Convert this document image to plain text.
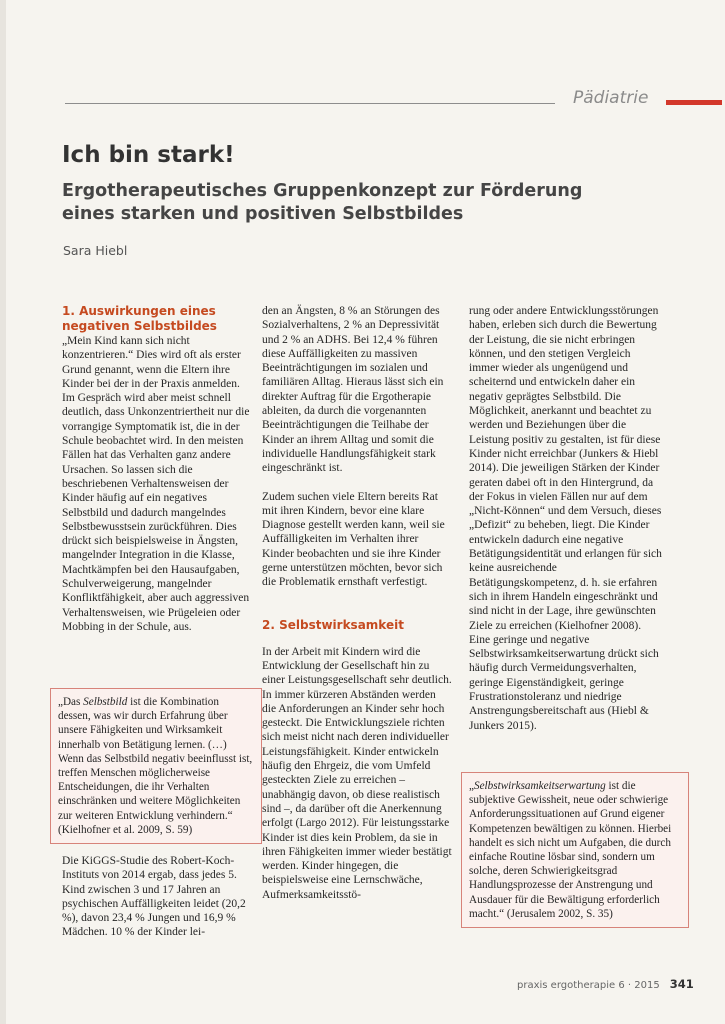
Pädiatrie
Ich bin stark!
Ergotherapeutisches Gruppenkonzept zur Förderung eines starken und positiven Selbstbildes
Sara Hiebl

1. Auswirkungen eines negativen Selbstbildes

„Mein Kind kann sich nicht konzentrieren.“ Dies wird oft als erster Grund genannt, wenn die Eltern ihre Kinder bei der in der Praxis anmelden. Im Gespräch wird aber meist schnell deutlich, dass Unkonzentriertheit nur die vorrangige Symptomatik ist, die in der Schule beobachtet wird. In den meisten Fällen hat das Verhalten ganz andere Ursachen. So lassen sich die beschriebenen Verhaltensweisen der Kinder häufig auf ein negatives Selbstbild und dadurch mangelndes Selbstbewusstsein zurückführen. Dies drückt sich beispielsweise in Ängsten, mangelnder Integration in die Klasse, Machtkämpfen bei den Hausaufgaben, Schulverweigerung, mangelnder Konfliktfähigkeit, aber auch aggressiven Verhaltensweisen, wie Prügeleien oder Mobbing in der Schule, aus.

„Das Selbstbild ist die Kombination dessen, was wir durch Erfahrung über unsere Fähigkeiten und Wirksamkeit innerhalb von Betätigung lernen. (…) Wenn das Selbstbild negativ beeinflusst ist, treffen Menschen möglicherweise Entscheidungen, die ihr Verhalten einschränken und weitere Möglichkeiten zur weiteren Entwicklung verhindern.“ (Kielhofner et al. 2009, S. 59)

Die KiGGS-Studie des Robert-Koch-Instituts von 2014 ergab, dass jedes 5. Kind zwischen 3 und 17 Jahren an psychischen Auffälligkeiten leidet (20,2 %), davon 23,4 % Jungen und 16,9 % Mädchen. 10 % der Kinder lei-

den an Ängsten, 8 % an Störungen des Sozialverhaltens, 2 % an Depressivität und 2 % an ADHS. Bei 12,4 % führen diese Auffälligkeiten zu massiven Beeinträchtigungen im sozialen und familiären Alltag. Hieraus lässt sich ein direkter Auftrag für die Ergotherapie ableiten, da durch die vorgenannten Beeinträchtigungen die Teilhabe der Kinder an ihrem Alltag und somit die individuelle Handlungsfähigkeit stark eingeschränkt ist.

Zudem suchen viele Eltern bereits Rat mit ihren Kindern, bevor eine klare Diagnose gestellt werden kann, weil sie Auffälligkeiten im Verhalten ihrer Kinder beobachten und sie ihre Kinder gerne unterstützen möchten, bevor sich die Problematik ernsthaft verfestigt.

2. Selbstwirksamkeit

In der Arbeit mit Kindern wird die Entwicklung der Gesellschaft hin zu einer Leistungsgesellschaft sehr deutlich. In immer kürzeren Abständen werden die Anforderungen an Kinder sehr hoch gesteckt. Die Entwicklungsziele richten sich meist nicht nach deren individueller Leistungsfähigkeit. Kinder entwickeln häufig den Ehrgeiz, die vom Umfeld gesteckten Ziele zu erreichen – unabhängig davon, ob diese realistisch sind –, da darüber oft die Anerkennung erfolgt (Largo 2012). Für leistungsstarke Kinder ist dies kein Problem, da sie in ihren Fähigkeiten immer wieder bestätigt werden. Kinder hingegen, die beispielsweise eine Lernschwäche, Aufmerksamkeitsstö-

rung oder andere Entwicklungsstörungen haben, erleben sich durch die Bewertung der Leistung, die sie nicht erbringen können, und den stetigen Vergleich immer wieder als ungenügend und scheiternd und entwickeln daher ein negativ geprägtes Selbstbild. Die Möglichkeit, anerkannt und beachtet zu werden und Beziehungen über die Leistung positiv zu gestalten, ist für diese Kinder nicht erreichbar (Junkers & Hiebl 2014). Die jeweiligen Stärken der Kinder geraten dabei oft in den Hintergrund, da der Fokus in vielen Fällen nur auf dem „Nicht-Können“ und dem Versuch, dieses „Defizit“ zu beheben, liegt. Die Kinder entwickeln dadurch eine negative Betätigungsidentität und erlangen für sich keine ausreichende Betätigungskompetenz, d. h. sie erfahren sich in ihrem Handeln eingeschränkt und sind nicht in der Lage, ihre gewünschten Ziele zu erreichen (Kielhofner 2008). Eine geringe und negative Selbstwirksamkeitserwartung drückt sich häufig durch Vermeidungsverhalten, geringe Eigenständigkeit, geringe Frustrationstoleranz und niedrige Anstrengungsbereitschaft aus (Hiebl & Junkers 2015).

„Selbstwirksamkeitserwartung ist die subjektive Gewissheit, neue oder schwierige Anforderungssituationen auf Grund eigener Kompetenzen bewältigen zu können. Hierbei handelt es sich nicht um Aufgaben, die durch einfache Routine lösbar sind, sondern um solche, deren Schwierigkeitsgrad Handlungsprozesse der Anstrengung und Ausdauer für die Bewältigung erforderlich macht.“ (Jerusalem 2002, S. 35)
praxis ergotherapie 6 · 2015 341
